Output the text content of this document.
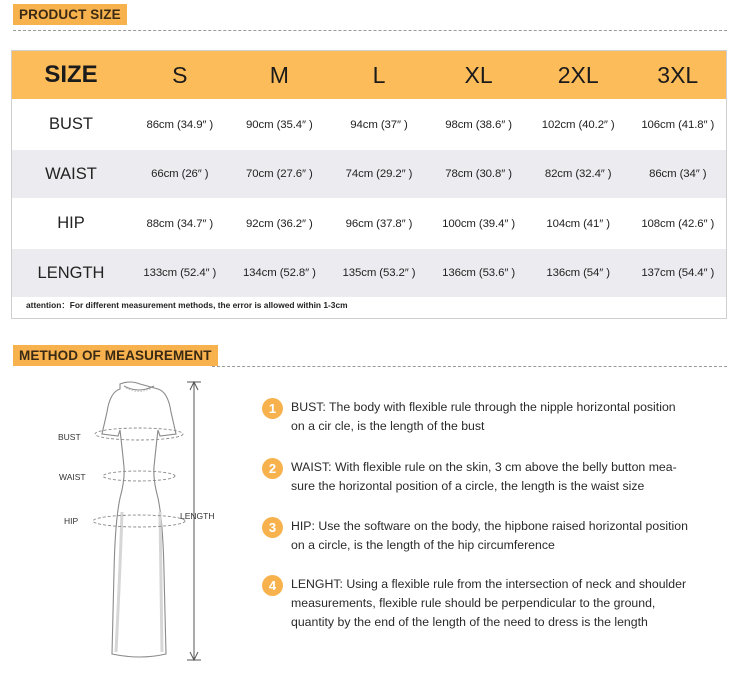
PRODUCT SIZE
SIZE	S	M	L	XL	2XL	3XL
BUST	86cm (34.9″ )	90cm (35.4″ )	94cm (37″ )	98cm (38.6″ )	102cm (40.2″ )	106cm (41.8″ )
WAIST	66cm (26″ )	70cm (27.6″ )	74cm (29.2″ )	78cm (30.8″ )	82cm (32.4″ )	86cm (34″ )
HIP	88cm (34.7″ )	92cm (36.2″ )	96cm (37.8″ )	100cm (39.4″ )	104cm (41″ )	108cm (42.6″ )
LENGTH	133cm (52.4″ )	134cm (52.8″ )	135cm (53.2″ )	136cm (53.6″ )	136cm (54″ )	137cm (54.4″ )
attention：For different measurement methods, the error is allowed within 1-3cm
METHOD OF MEASUREMENT
BUST
WAIST
HIP	LENGTH
1	BUST: The body with flexible rule through the nipple horizontal position
on a cir cle, is the length of the bust
2	WAIST: With flexible rule on the skin, 3 cm above the belly button mea-
sure the horizontal position of a circle, the length is the waist size
3	HIP: Use the software on the body, the hipbone raised horizontal position
on a circle, is the length of the hip circumference
4	LENGHT: Using a flexible rule from the intersection of neck and shoulder
measurements, flexible rule should be perpendicular to the ground,
quantity by the end of the length of the need to dress is the length
